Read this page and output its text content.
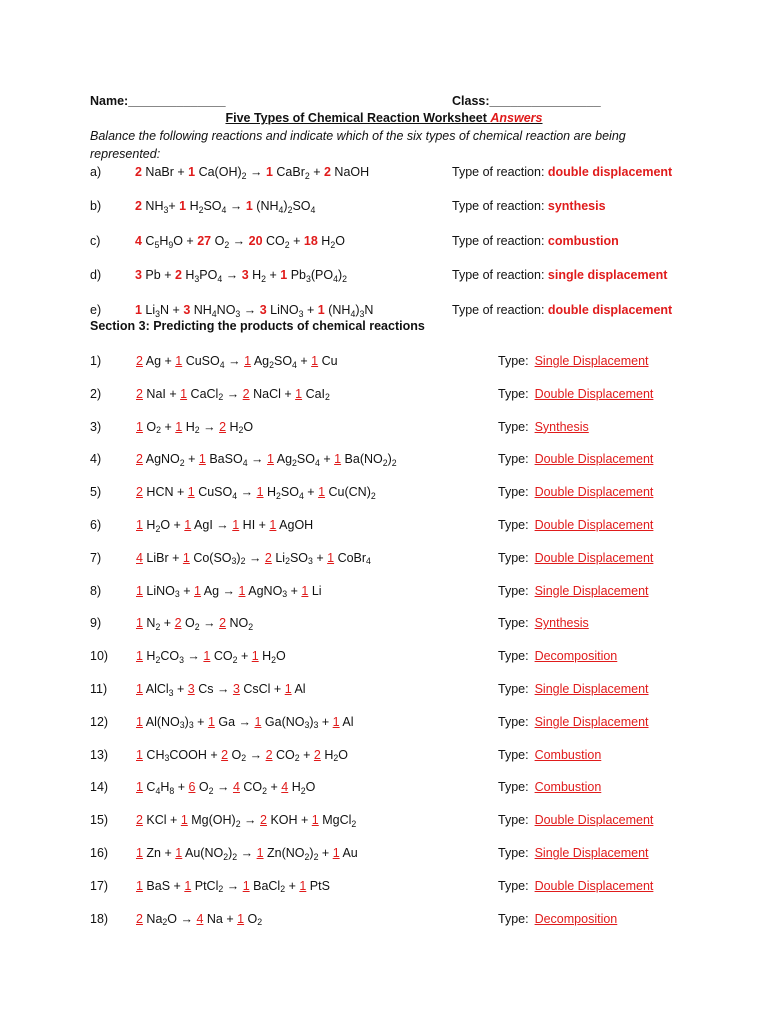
Name:______________	Class:________________
Five Types of Chemical Reaction Worksheet Answers
Balance the following reactions and indicate which of the six types of chemical reaction are being represented:
a)	2 NaBr + 1 $Ca(OH)_2 \to 1$ CaBr$_2$ + 2 NaOH	Type of reaction: double displacement
b)	2 $NH_3+ 1$ $H_2SO_4 \to 1$ $(NH_4)_2SO_4$	Type of reaction: synthesis
c)	4 $C_5H_9O + 27$ $O_2 \to 20$ $CO_2 + 18$ $H_2O$	Type of reaction: combustion
d)	3 Pb + 2 $H_3PO_4 \to 3$ $H_2 + 1$ $Pb_3(PO_4)_2$	Type of reaction: single displacement
e)	1 $Li_3N + 3$ $NH_4NO_3 \to 3$ LiNO$_3$ + 1 $(NH_4)_3N$	Type of reaction: double displacement
Section 3: Predicting the products of chemical reactions
1)	2 Ag + 1 CuSO$_4$ → 1 $Ag_2SO_4 + 1$ Cu	Type: Single Displacement
2)	2 NaI + 1 CaCl$_2$ → 2 NaCl + 1 CaI$_2$	Type: Double Displacement
3)	1 $O_2 + 1$ $H_2 \to 2$ $H_2O$	Type: Synthesis
4)	2 AgNO$_2$ + 1 BaSO$_4$ → 1 $Ag_2SO_4 + 1$ $Ba(NO_2)_2$	Type: Double Displacement
5)	2 HCN + 1 CuSO$_4$ → 1 $H_2SO_4 + 1$ $Cu(CN)_2$	Type: Double Displacement
6)	1 $H_2O + 1$ AgI → 1 HI + 1 AgOH	Type: Double Displacement
7)	4 LiBr + 1 $Co(SO_3)_2 \to 2$ $Li_2SO_3 + 1$ CoBr$_4$	Type: Double Displacement
8)	1 LiNO$_3$ + 1 Ag → 1 AgNO$_3$ + 1 Li	Type: Single Displacement
9)	1 $N_2 + 2$ $O_2 \to 2$ $NO_2$	Type: Synthesis
10) 1 $H_2CO_3 \to 1$ $CO_2 + 1$ $H_2O$	Type: Decomposition
11) 1 AlCl$_3$ + 3 Cs → 3 CsCl + 1 Al	Type: Single Displacement
12) 1 $Al(NO_3)_3 + 1$ Ga → 1 $Ga(NO_3)_3 + 1$ Al	Type: Single Displacement
13) 1 $CH_3COOH + 2$ $O_2 \to 2$ $CO_2 + 2$ $H_2O$	Type: Combustion
14) 1 $C_4H_8 + 6$ $O_2 \to 4$ $CO_2 + 4$ $H_2O$	Type: Combustion
15) 2 KCl + 1 $Mg(OH)_2 \to 2$ KOH + 1 MgCl$_2$	Type: Double Displacement
16) 1 Zn + 1 $Au(NO_2)_2 \to 1$ $Zn(NO_2)_2 + 1$ Au	Type: Single Displacement
17) 1 BaS + 1 PtCl$_2$ → 1 BaCl$_2$ + 1 PtS	Type: Double Displacement
18) 2 $Na_2O \to 4$ Na + 1 $O_2$	Type: Decomposition
